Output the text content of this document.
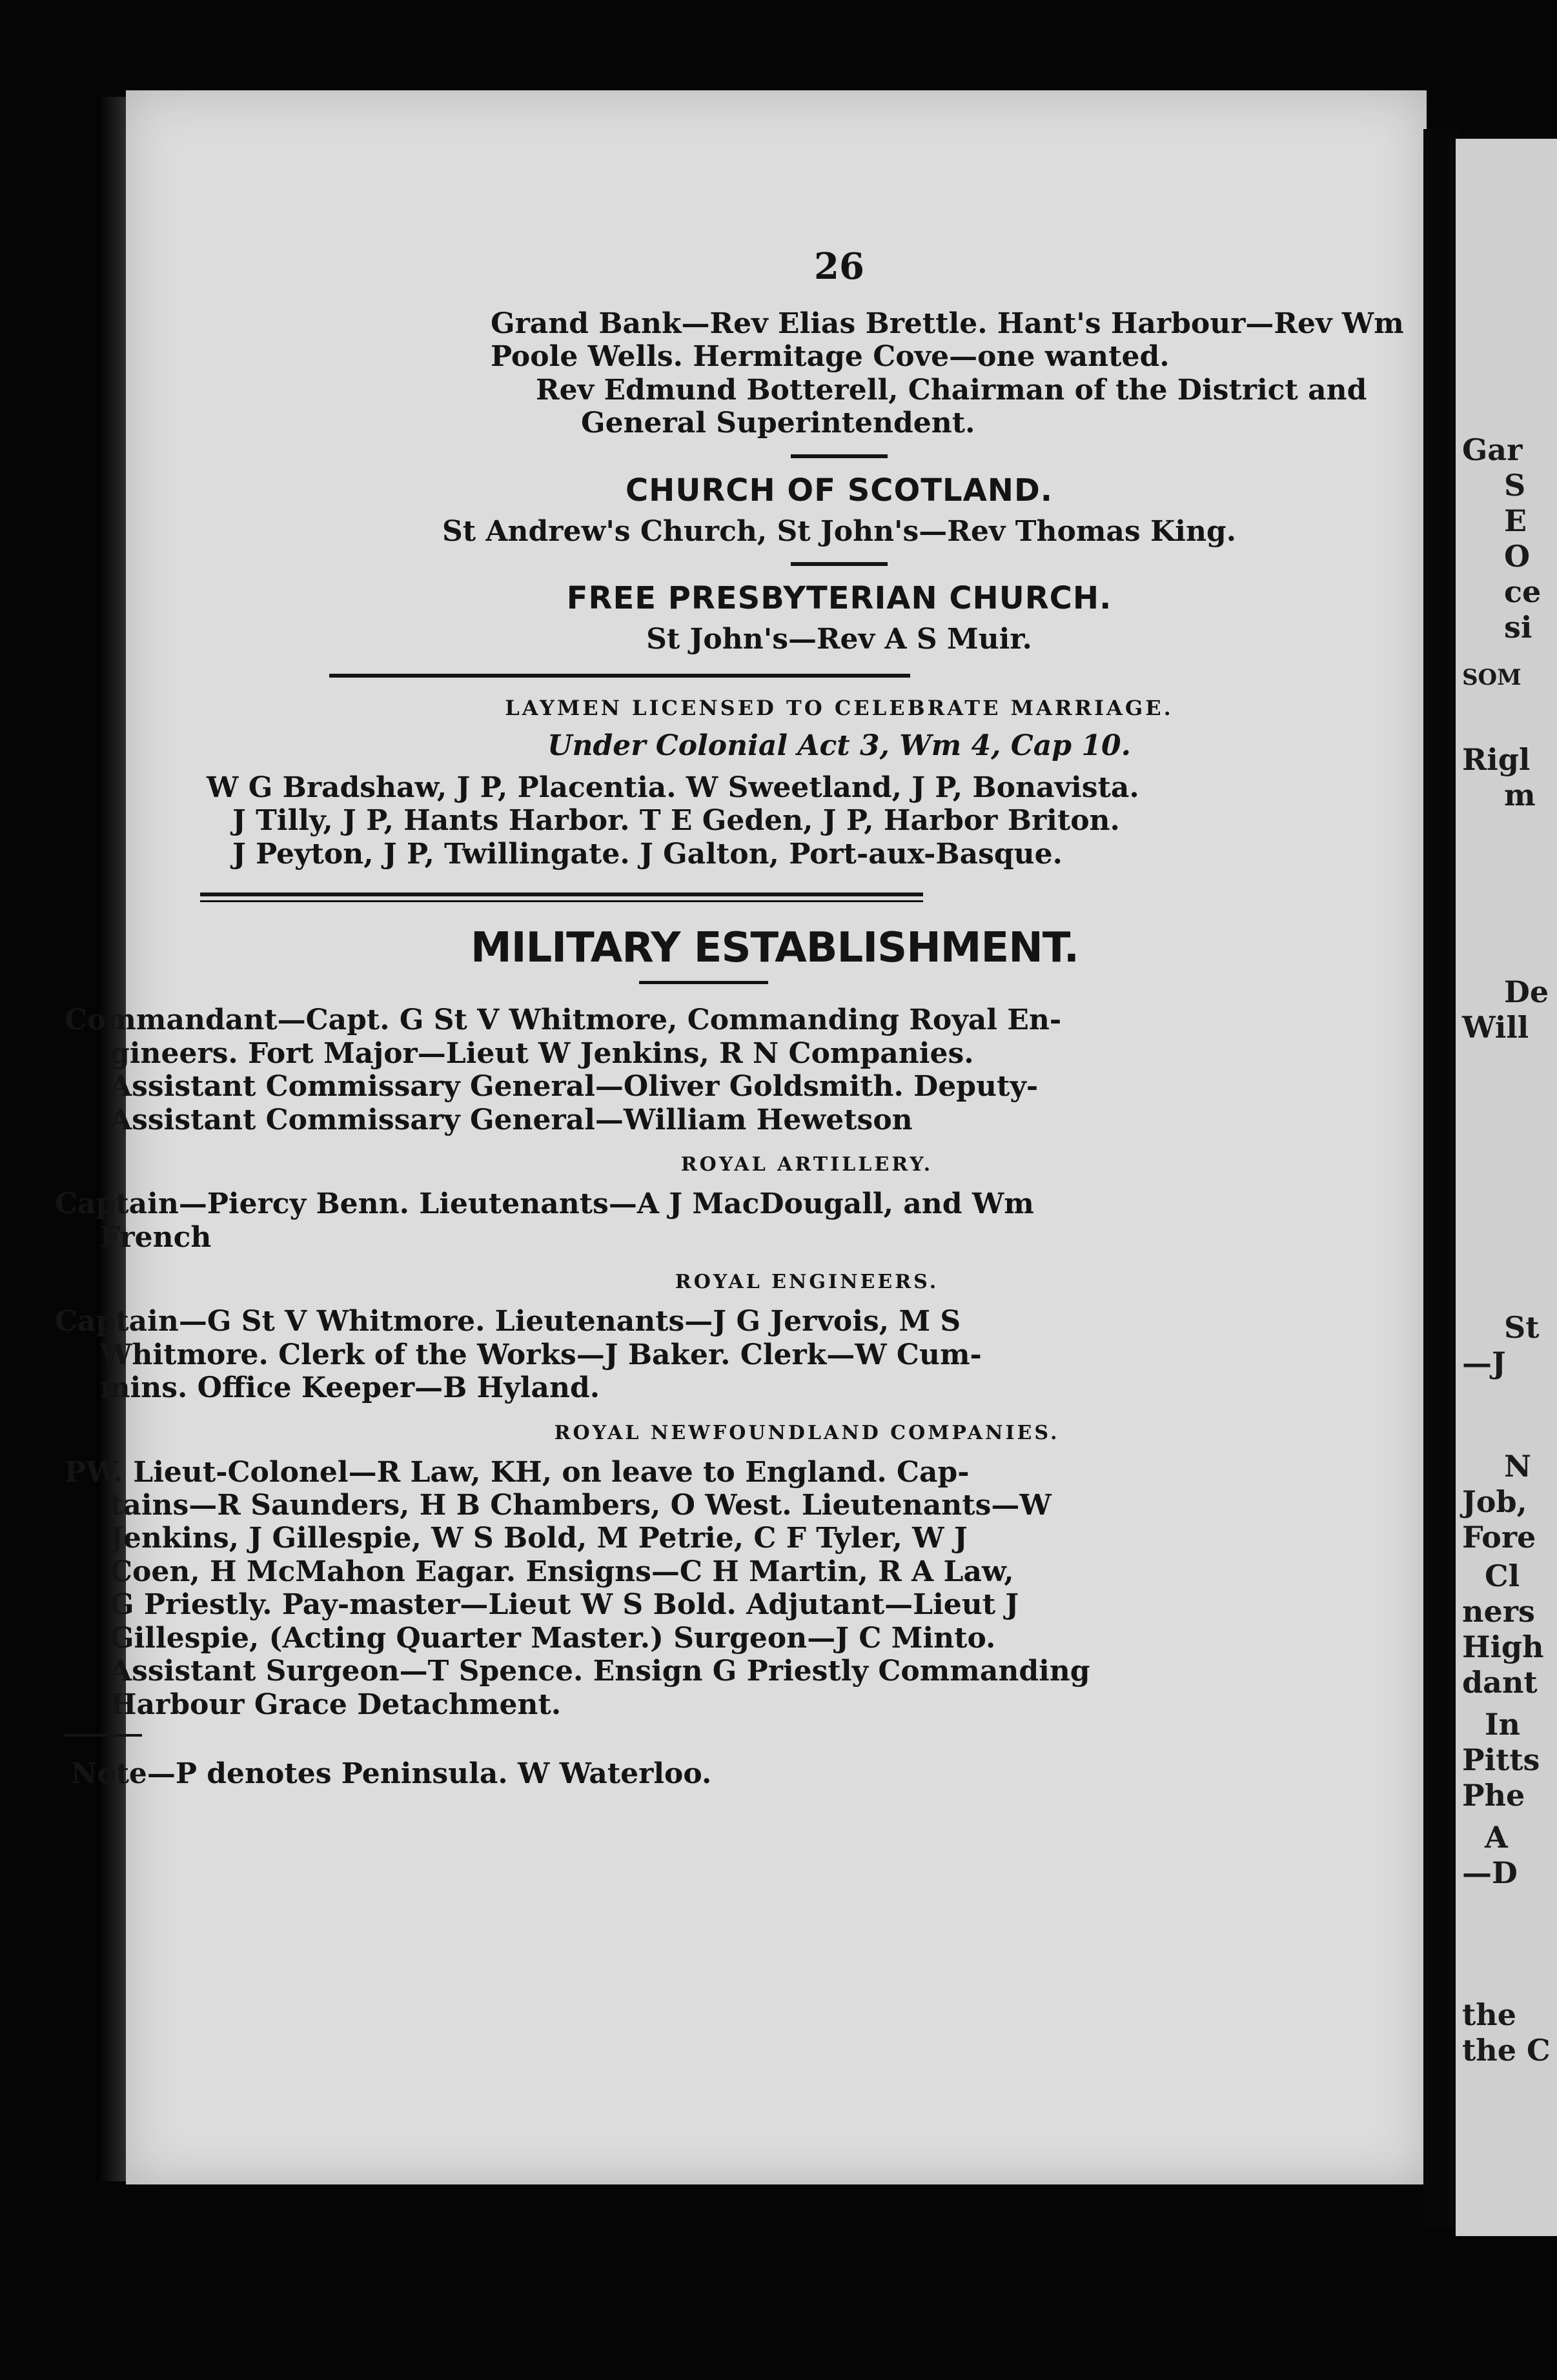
Gar
S
E
O
ce
si
SOM
Rigl
m
De
Will
St
—J
N
Job,
Fore
Cl
ners
High
dant
In
Pitts
Phe
A
—D
the
the C
26
Grand Bank—Rev Elias Brettle. Hant's Harbour—Rev Wm
Poole Wells. Hermitage Cove—one wanted.
Rev Edmund Botterell, Chairman of the District and
General Superintendent.
CHURCH OF SCOTLAND.
St Andrew's Church, St John's—Rev Thomas King.
FREE PRESBYTERIAN CHURCH.
St John's—Rev A S Muir.
LAYMEN LICENSED TO CELEBRATE MARRIAGE.
Under Colonial Act 3, Wm 4, Cap 10.
W G Bradshaw, J P, Placentia. W Sweetland, J P, Bonavista.
J Tilly, J P, Hants Harbor. T E Geden, J P, Harbor Briton.
J Peyton, J P, Twillingate. J Galton, Port-aux-Basque.
MILITARY ESTABLISHMENT.
Commandant—Capt. G St V Whitmore, Commanding Royal En-
gineers. Fort Major—Lieut W Jenkins, R N Companies.
Assistant Commissary General—Oliver Goldsmith. Deputy-
Assistant Commissary General—William Hewetson
ROYAL ARTILLERY.
Captain—Piercy Benn. Lieutenants—A J MacDougall, and Wm
French
ROYAL ENGINEERS.
Captain—G St V Whitmore. Lieutenants—J G Jervois, M S
Whitmore. Clerk of the Works—J Baker. Clerk—W Cum-
mins. Office Keeper—B Hyland.
ROYAL NEWFOUNDLAND COMPANIES.
PW. Lieut-Colonel—R Law, KH, on leave to England. Cap-
tains—R Saunders, H B Chambers, O West. Lieutenants—W
Jenkins, J Gillespie, W S Bold, M Petrie, C F Tyler, W J
Coen, H McMahon Eagar. Ensigns—C H Martin, R A Law,
G Priestly. Pay-master—Lieut W S Bold. Adjutant—Lieut J
Gillespie, (Acting Quarter Master.) Surgeon—J C Minto.
Assistant Surgeon—T Spence. Ensign G Priestly Commanding
Harbour Grace Detachment.
Note—P denotes Peninsula. W Waterloo.
